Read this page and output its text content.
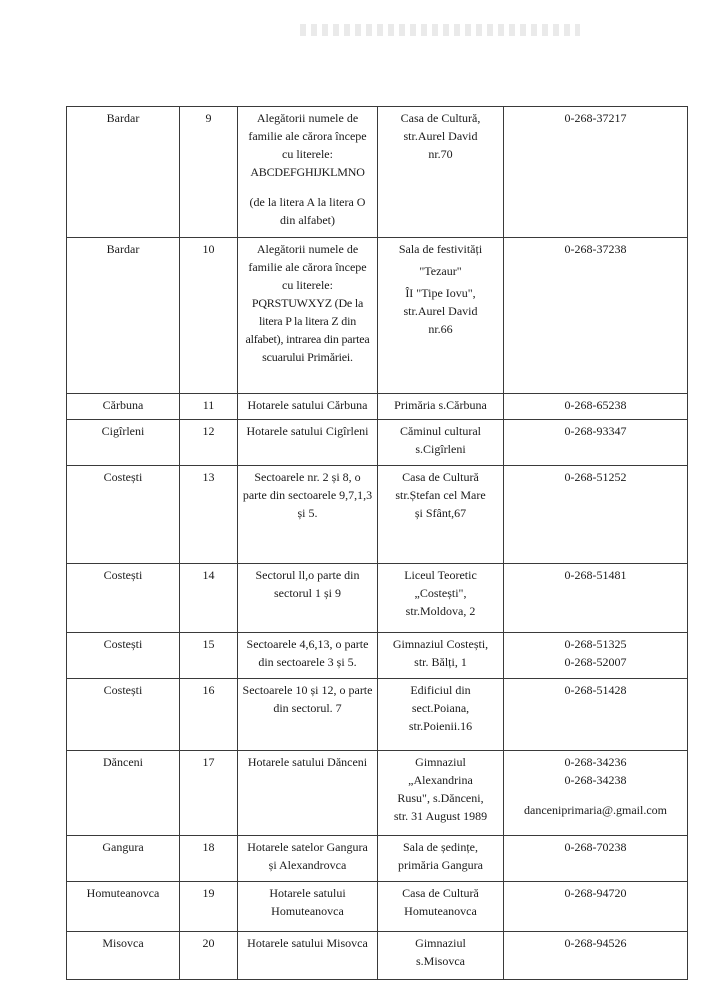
Bardar	9	Alegătorii numele de familie ale cărora începe cu literele:
ABCDEFGHIJKLMNO
(de la litera A la litera O din alfabet)	Casa de Cultură,
str.Aurel David
nr.70	0-268-37217

Bardar	10	Alegătorii numele de familie ale cărora începe cu literele:
PQRSTUWXYZ (De la litera P la litera Z din alfabet), intrarea din partea scuarului Primăriei.	Sala de festivități
"Tezaur"
ÎI "Tipe Iovu",
str.Aurel David
nr.66	0-268-37238

Cărbuna	11	Hotarele satului Cărbuna	Primăria s.Cărbuna	0-268-65238

Cigîrleni	12	Hotarele satului Cigîrleni	Căminul cultural
s.Cigîrleni	0-268-93347

Costești	13	Sectoarele nr. 2 și 8, o parte din sectoarele 9,7,1,3 și 5.	Casa de Cultură
str.Ștefan cel Mare
și Sfânt,67	0-268-51252

Costești	14	Sectorul ll,o parte din sectorul 1 și 9	Liceul Teoretic
„Costești",
str.Moldova, 2	0-268-51481

Costești	15	Sectoarele 4,6,13, o parte din sectoarele 3 și 5.	Gimnaziul Costești,
str. Bălți, 1	0-268-51325
0-268-52007

Costești	16	Sectoarele 10 și 12, o parte din sectorul. 7	Edificiul din
sect.Poiana,
str.Poienii.16	0-268-51428

Dănceni	17	Hotarele satului Dănceni	Gimnaziul
„Alexandrina
Rusu", s.Dănceni,
str. 31 August 1989	0-268-34236
0-268-34238
danceniprimaria@.gmail.com

Gangura	18	Hotarele satelor Gangura și Alexandrovca	Sala de ședințe,
primăria Gangura	0-268-70238

Homuteanovca	19	Hotarele satului Homuteanovca	Casa de Cultură
Homuteanovca	0-268-94720

Misovca	20	Hotarele satului Misovca	Gimnaziul
s.Misovca	0-268-94526
